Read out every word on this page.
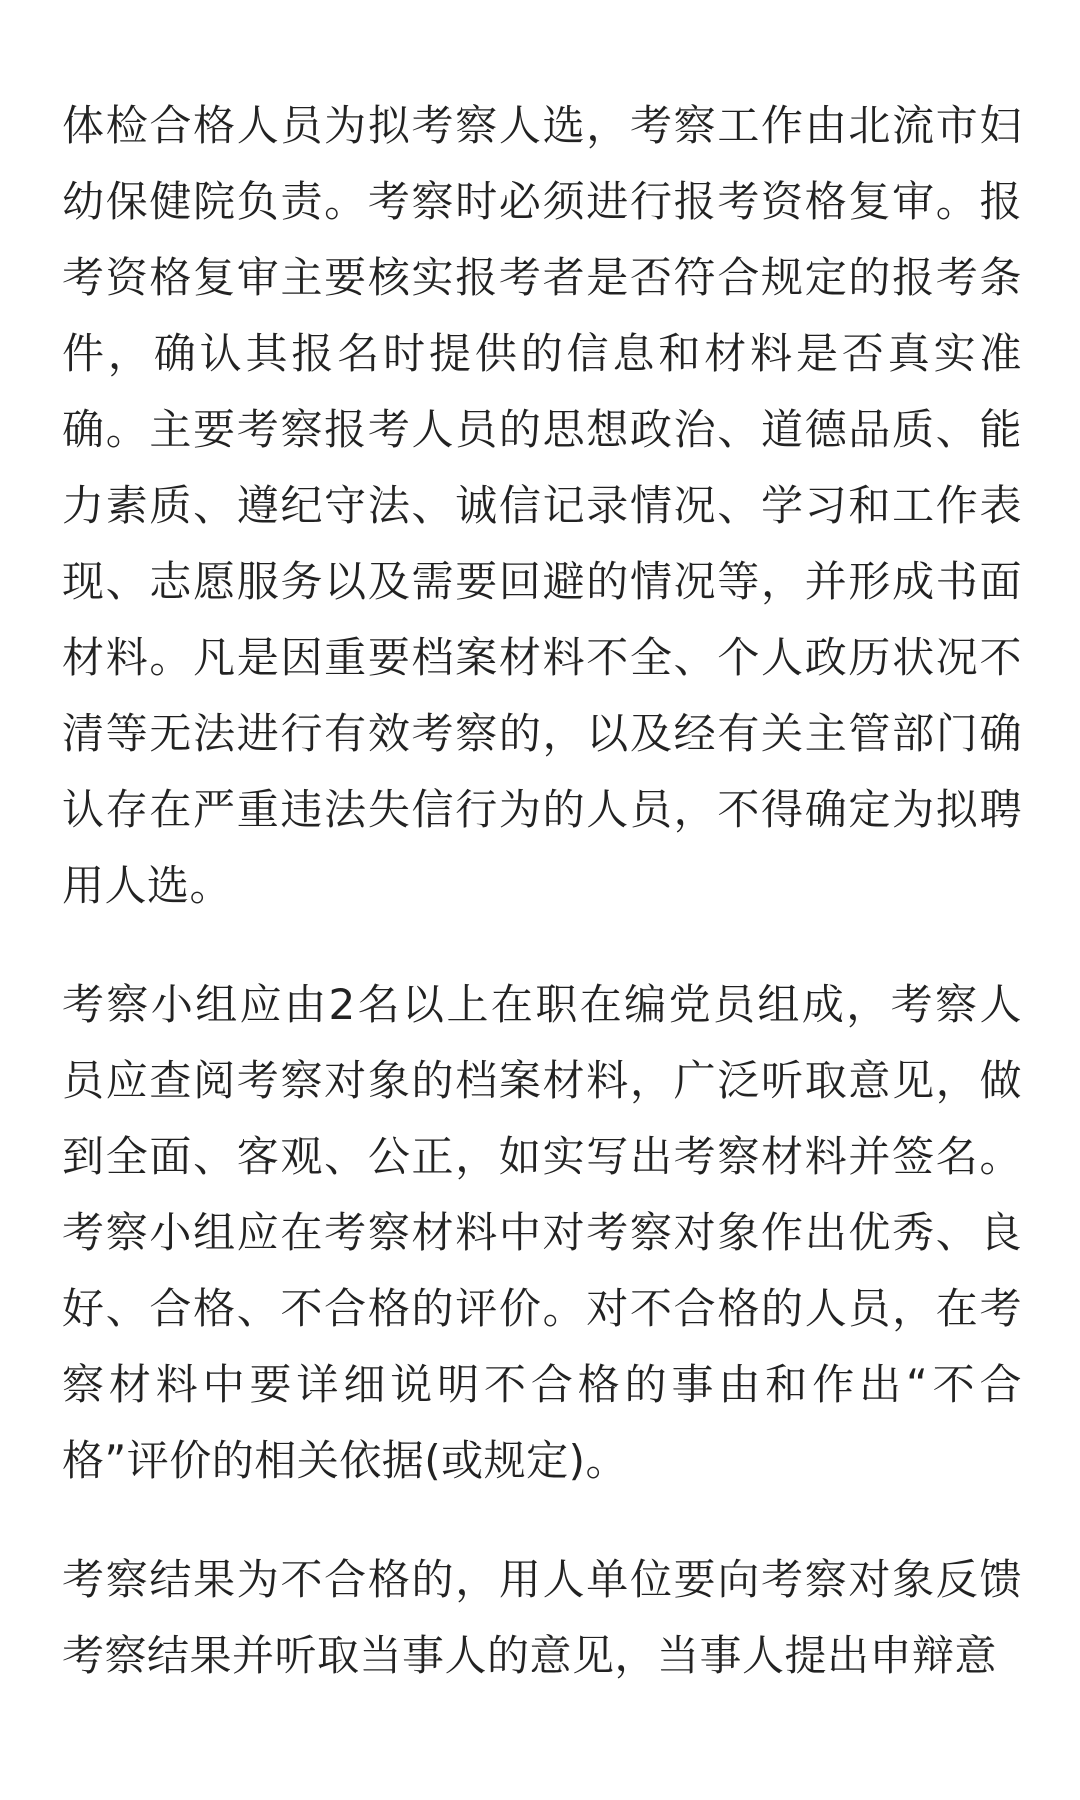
体检合格人员为拟考察人选，考察工作由北流市妇幼保健院负责。考察时必须进行报考资格复审。报考资格复审主要核实报考者是否符合规定的报考条件，确认其报名时提供的信息和材料是否真实准确。主要考察报考人员的思想政治、道德品质、能力素质、遵纪守法、诚信记录情况、学习和工作表现、志愿服务以及需要回避的情况等，并形成书面材料。凡是因重要档案材料不全、个人政历状况不清等无法进行有效考察的，以及经有关主管部门确认存在严重违法失信行为的人员，不得确定为拟聘用人选。

考察小组应由2名以上在职在编党员组成，考察人员应查阅考察对象的档案材料，广泛听取意见，做到全面、客观、公正，如实写出考察材料并签名。考察小组应在考察材料中对考察对象作出优秀、良好、合格、不合格的评价。对不合格的人员，在考察材料中要详细说明不合格的事由和作出“不合格”评价的相关依据(或规定)。

考察结果为不合格的，用人单位要向考察对象反馈考察结果并听取当事人的意见，当事人提出申辩意
